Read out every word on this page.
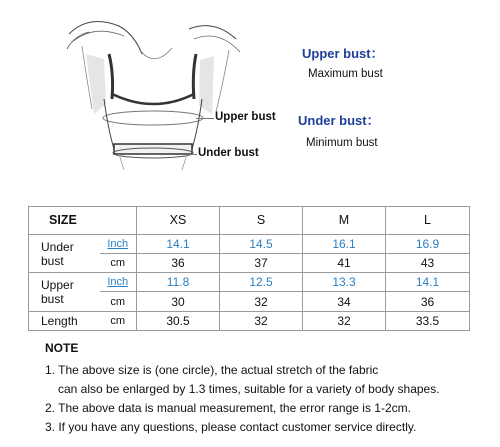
Upper bust
Under bust
Upper bust：
Maximum bust
Under bust：
Minimum bust
SIZE		XS	S	M	L
Under bust	Inch	14.1	14.5	16.1	16.9
	cm	36	37	41	43
Upper bust	Inch	11.8	12.5	13.3	14.1
	cm	30	32	34	36
Length	cm	30.5	32	32	33.5
NOTE
1. The above size is (one circle), the actual stretch of the fabric
can also be enlarged by 1.3 times, suitable for a variety of body shapes.
2. The above data is manual measurement, the error range is 1-2cm.
3. If you have any questions, please contact customer service directly.
